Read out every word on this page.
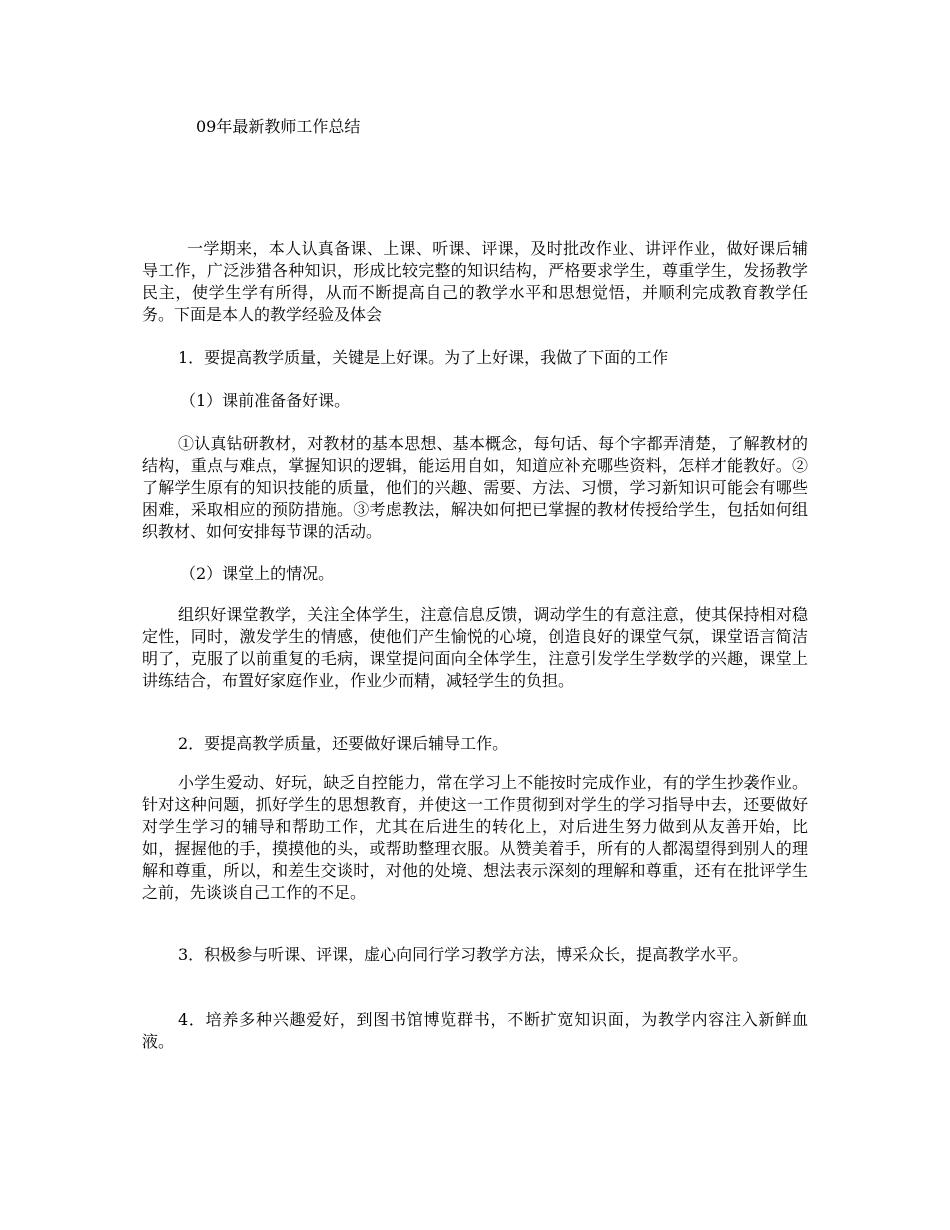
09年最新教师工作总结

一学期来，本人认真备课、上课、听课、评课，及时批改作业、讲评作业，做好课后辅导工作，广泛涉猎各种知识，形成比较完整的知识结构，严格要求学生，尊重学生，发扬教学民主，使学生学有所得，从而不断提高自己的教学水平和思想觉悟，并顺利完成教育教学任务。下面是本人的教学经验及体会

1．要提高教学质量，关键是上好课。为了上好课，我做了下面的工作
（1）课前准备备好课。

①认真钻研教材，对教材的基本思想、基本概念，每句话、每个字都弄清楚，了解教材的结构，重点与难点，掌握知识的逻辑，能运用自如，知道应补充哪些资料，怎样才能教好。②了解学生原有的知识技能的质量，他们的兴趣、需要、方法、习惯，学习新知识可能会有哪些困难，采取相应的预防措施。③考虑教法，解决如何把已掌握的教材传授给学生，包括如何组织教材、如何安排每节课的活动。

（2）课堂上的情况。

组织好课堂教学，关注全体学生，注意信息反馈，调动学生的有意注意，使其保持相对稳定性，同时，激发学生的情感，使他们产生愉悦的心境，创造良好的课堂气氛，课堂语言简洁明了，克服了以前重复的毛病，课堂提问面向全体学生，注意引发学生学数学的兴趣，课堂上讲练结合，布置好家庭作业，作业少而精，减轻学生的负担。

2．要提高教学质量，还要做好课后辅导工作。

小学生爱动、好玩，缺乏自控能力，常在学习上不能按时完成作业，有的学生抄袭作业。针对这种问题，抓好学生的思想教育，并使这一工作贯彻到对学生的学习指导中去，还要做好对学生学习的辅导和帮助工作，尤其在后进生的转化上，对后进生努力做到从友善开始，比如，握握他的手，摸摸他的头，或帮助整理衣服。从赞美着手，所有的人都渴望得到别人的理解和尊重，所以，和差生交谈时，对他的处境、想法表示深刻的理解和尊重，还有在批评学生之前，先谈谈自己工作的不足。

3．积极参与听课、评课，虚心向同行学习教学方法，博采众长，提高教学水平。

4．培养多种兴趣爱好，到图书馆博览群书，不断扩宽知识面，为教学内容注入新鲜血液。
